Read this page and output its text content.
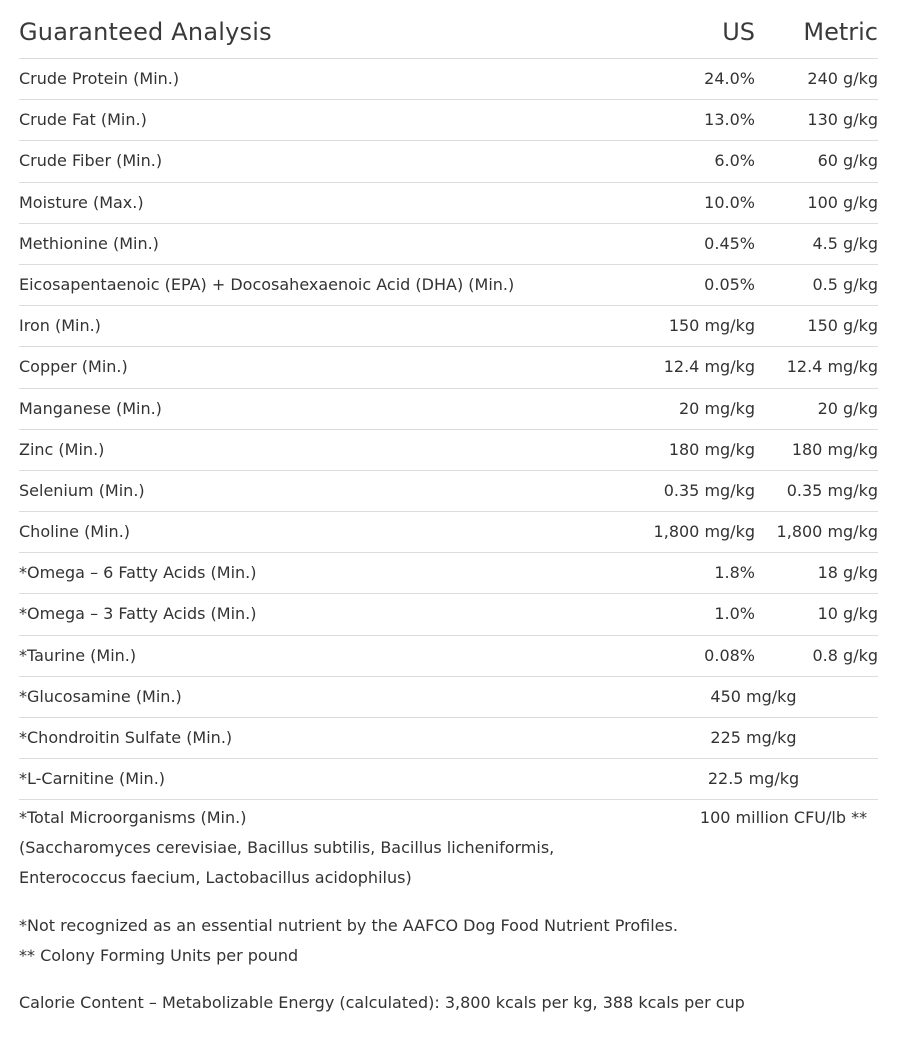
Guaranteed Analysis	US Metric
Crude Protein (Min.)	24.0%	240 g/kg
Crude Fat (Min.)	13.0%	130 g/kg
Crude Fiber (Min.)	6.0%	60 g/kg
Moisture (Max.)	10.0%	100 g/kg
Methionine (Min.)	0.45%	4.5 g/kg
Eicosapentaenoic (EPA) + Docosahexaenoic Acid (DHA) (Min.)	0.05%	0.5 g/kg
Iron (Min.)	150 mg/kg	150 g/kg
Copper (Min.)	12.4 mg/kg 12.4 mg/kg
Manganese (Min.)	20 mg/kg	20 g/kg
Zinc (Min.)	180 mg/kg 180 mg/kg
Selenium (Min.)	0.35 mg/kg 0.35 mg/kg
Choline (Min.)	1,800 mg/kg 1,800 mg/kg
*Omega – 6 Fatty Acids (Min.)	1.8%	18 g/kg
*Omega – 3 Fatty Acids (Min.)	1.0%	10 g/kg
*Taurine (Min.)	0.08%	0.8 g/kg
*Glucosamine (Min.)	450 mg/kg
*Chondroitin Sulfate (Min.)	225 mg/kg
*L-Carnitine (Min.)	22.5 mg/kg
*Total Microorganisms (Min.)
(Saccharomyces cerevisiae, Bacillus subtilis, Bacillus licheniformis,
Enterococcus faecium, Lactobacillus acidophilus)
100 million CFU/lb **

*Not recognized as an essential nutrient by the AAFCO Dog Food Nutrient Profiles.

** Colony Forming Units per pound

Calorie Content – Metabolizable Energy (calculated): 3,800 kcals per kg, 388 kcals per cup
